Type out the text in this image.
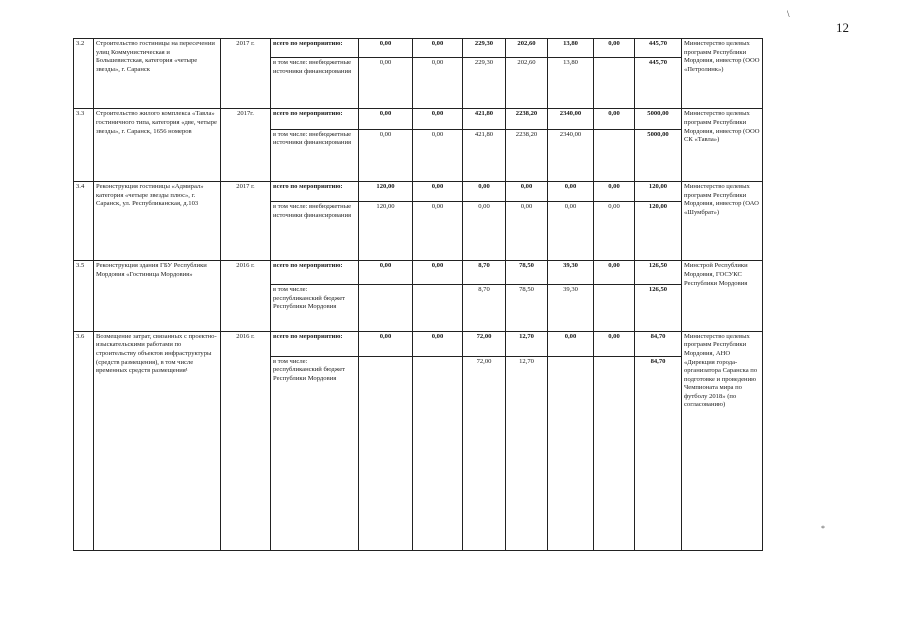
\
12
*
3.2	Строительство гостиницы на пересечении улиц Коммунистическая и Большевистская, категория «четыре звезды», г. Саранск	2017 г.	всего по мероприятию:	0,00	0,00	229,30	202,60	13,80	0,00	445,70	Министерство целевых программ Республики Мордовия, инвестор (ООО «Петролинк»)
			в том числе: внебюджетные источники финансирования	0,00	0,00	229,30	202,60	13,80		445,70	
3.3	Строительство жилого комплекса «Тавла» гостиничного типа, категория «две, четыре звезды», г. Саранск, 1656 номеров	2017г.	всего по мероприятию:	0,00	0,00	421,80	2238,20	2340,00	0,00	5000,00	Министерство целевых программ Республики Мордовия, инвестор (ООО СК «Тавла»)
			в том числе: внебюджетные источники финансирования	0,00	0,00	421,80	2238,20	2340,00		5000,00	
3.4	Реконструкция гостиницы «Адмирал» категория «четыре звезды плюс», г. Саранск, ул. Республиканская, д.103	2017 г.	всего по мероприятию:	120,00	0,00	0,00	0,00	0,00	0,00	120,00	Министерство целевых программ Республики Мордовия, инвестор (ОАО «Шумбрат»)
			в том числе: внебюджетные источники финансирования	120,00	0,00	0,00	0,00	0,00	0,00	120,00	
3.5	Реконструкция здания ГБУ Республики Мордовия «Гостиница Мордовия»	2016 г.	всего по мероприятию:	0,00	0,00	8,70	78,50	39,30	0,00	126,50	Минстрой Республики Мордовия, ГОСУКС Республики Мордовия
			в том числе: республиканский бюджет Республики Мордовия			8,70	78,50	39,30		126,50	
3.6	Возмещение затрат, связанных с проектно-изыскательскими работами по строительству объектов инфраструктуры (средств размещения), в том числе временных средств размещения¹	2016 г.	всего по мероприятию:	0,00	0,00	72,00	12,70	0,00	0,00	84,70	Министерство целевых программ Республики Мордовия, АНО «Дирекция города-организатора Саранска по подготовке и проведению Чемпионата мира по футболу 2018» (по согласованию)
			в том числе: республиканский бюджет Республики Мордовия			72,00	12,70			84,70	
